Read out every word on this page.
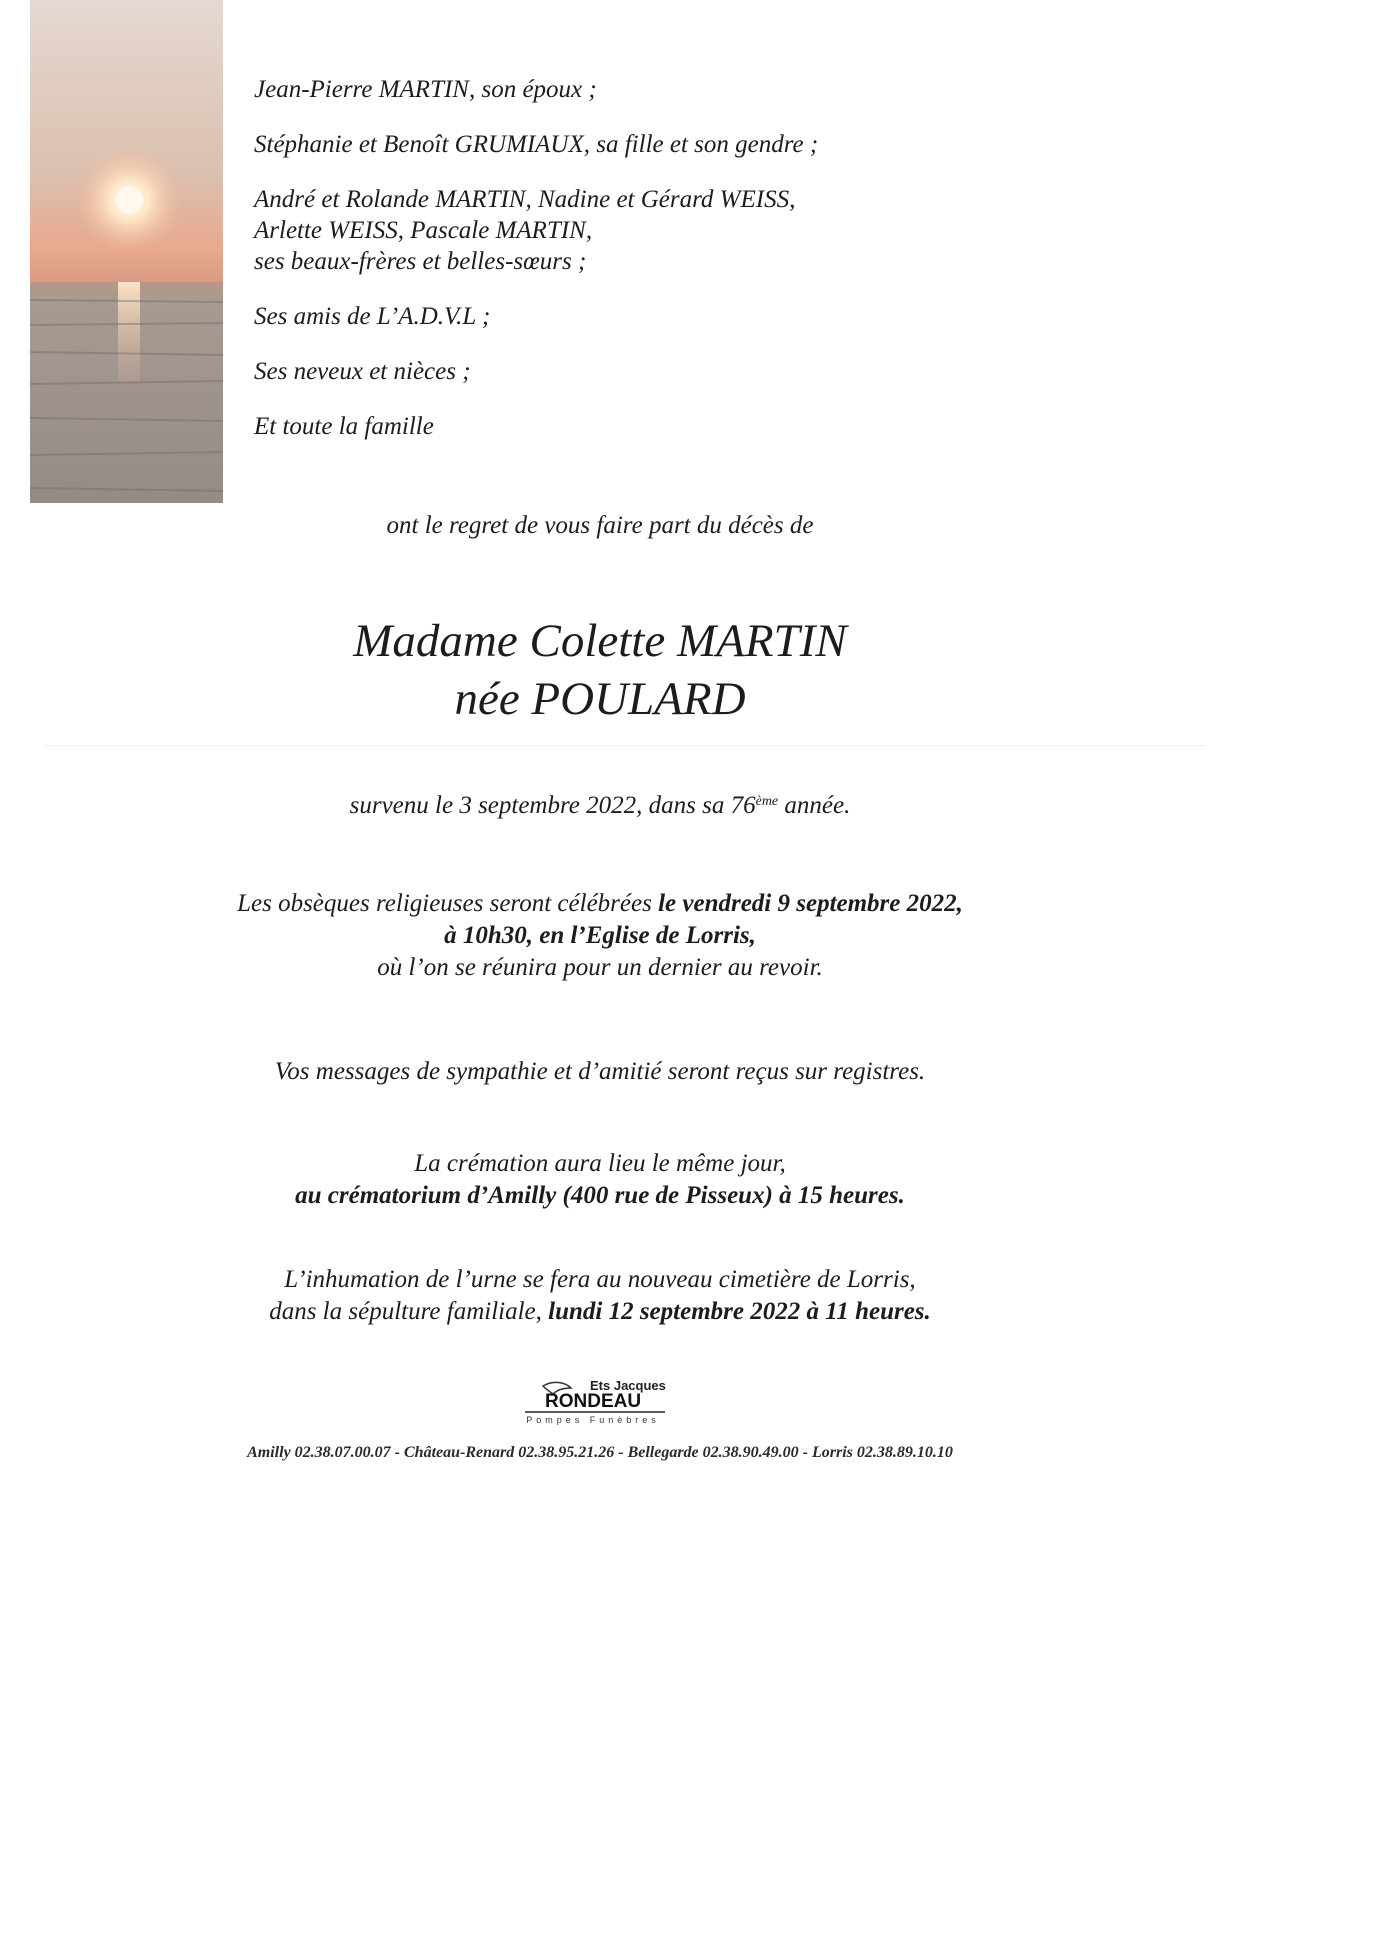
Jean-Pierre MARTIN, son époux ;

Stéphanie et Benoît GRUMIAUX, sa fille et son gendre ;

André et Rolande MARTIN, Nadine et Gérard WEISS,
Arlette WEISS, Pascale MARTIN,
ses beaux-frères et belles-sœurs ;

Ses amis de L’A.D.V.L ;

Ses neveux et nièces ;

Et toute la famille

ont le regret de vous faire part du décès de
Madame Colette MARTIN
née POULARD
survenu le 3 septembre 2022, dans sa 76ème année.
Les obsèques religieuses seront célébrées le vendredi 9 septembre 2022,
à 10h30, en l’Eglise de Lorris,
où l’on se réunira pour un dernier au revoir.
Vos messages de sympathie et d’amitié seront reçus sur registres.
La crémation aura lieu le même jour,
au crématorium d’Amilly (400 rue de Pisseux) à 15 heures.
L’inhumation de l’urne se fera au nouveau cimetière de Lorris,
dans la sépulture familiale, lundi 12 septembre 2022 à 11 heures.
Ets Jacques
RONDEAU
Pompes Funèbres
Amilly 02.38.07.00.07 - Château-Renard 02.38.95.21.26 - Bellegarde 02.38.90.49.00 - Lorris 02.38.89.10.10
